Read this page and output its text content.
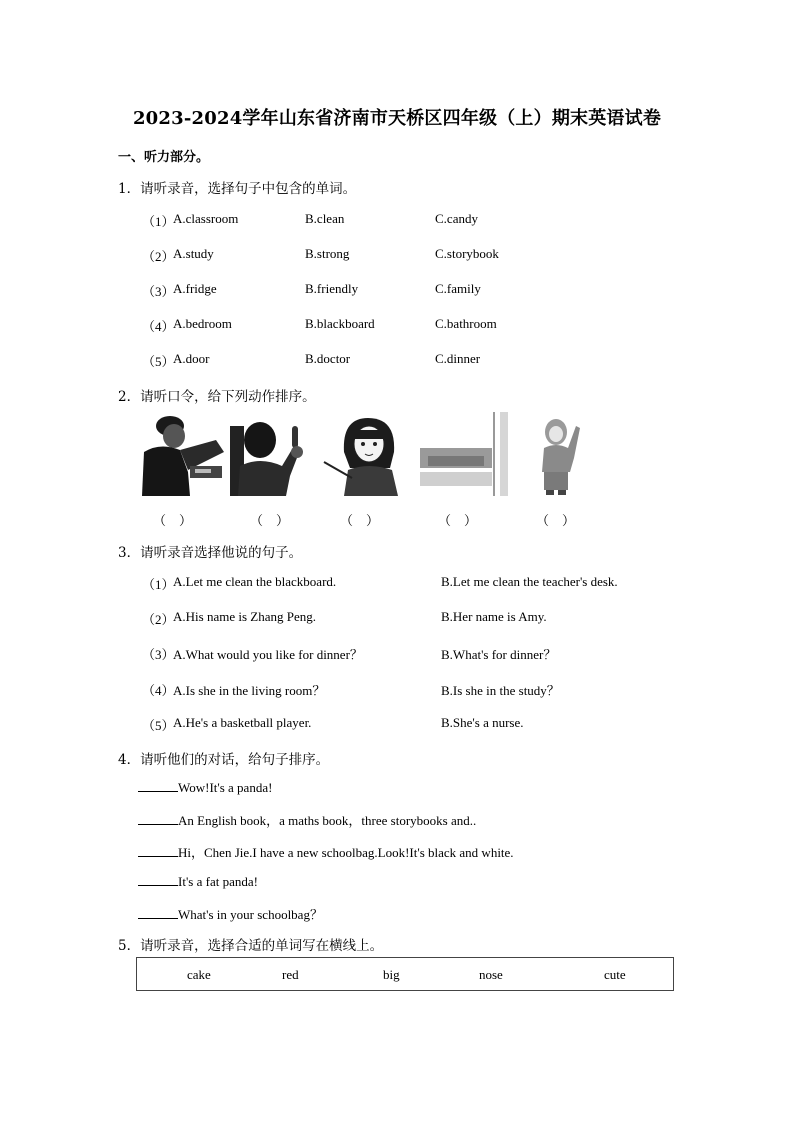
2023-2024学年山东省济南市天桥区四年级（上）期末英语试卷
一、听力部分。
1．请听录音，选择句子中包含的单词。
（1）
A.classroom	B.clean	C.candy
（2）
A.study	B.strong	C.storybook
（3）
A.fridge	B.friendly	C.family
（4）
A.bedroom	B.blackboard	C.bathroom
（5）
A.door	B.doctor	C.dinner
2．请听口令，给下列动作排序。
（　）	（　）	（　）	（　）	（　）
3．请听录音选择他说的句子。
（1）
A.Let me clean the blackboard.	B.Let me clean the teacher's desk.
（2）
A.His name is Zhang Peng.	B.Her name is Amy.
（3）
A.What would you like for dinner？	B.What's for dinner？
（4）
A.Is she in the living room？	B.Is she in the study？
（5）
A.He's a basketball player.	B.She's a nurse.
4．请听他们的对话，给句子排序。
Wow!It's a panda!
An English book，a maths book，three storybooks and..
Hi，Chen Jie.I have a new schoolbag.Look!It's black and white.
It's a fat panda!
What's in your schoolbag？
5．请听录音，选择合适的单词写在横线上。
cake	red	big	nose	cute
